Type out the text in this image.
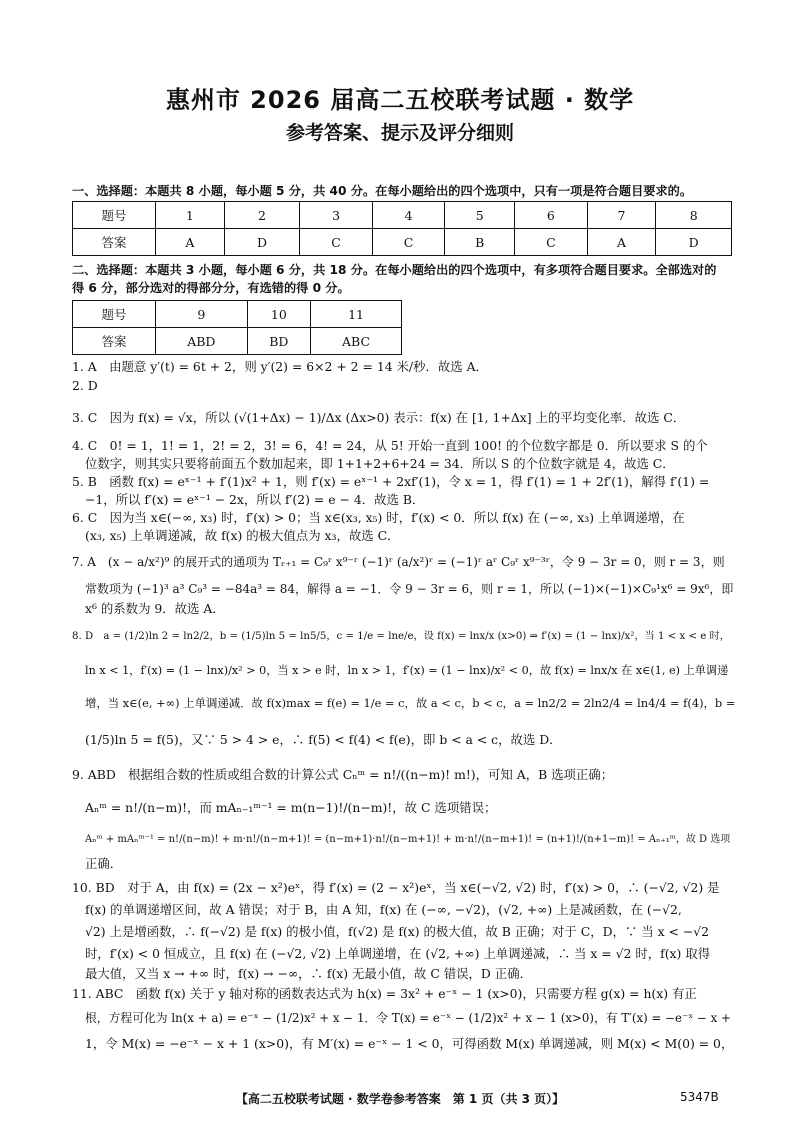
惠州市 2026 届高二五校联考试题 · 数学
参考答案、提示及评分细则
一、选择题：本题共 8 小题，每小题 5 分，共 40 分。在每小题给出的四个选项中，只有一项是符合题目要求的。
题号	1	2	3	4	5	6	7	8
答案	A	D	C	C	B	C	A	D
二、选择题：本题共 3 小题，每小题 6 分，共 18 分。在每小题给出的四个选项中，有多项符合题目要求。全部选对的
得 6 分，部分选对的得部分分，有选错的得 0 分。
题号	9	10	11
答案	ABD	BD	ABC
1. A　由题意 y′(t) = 6t + 2，则 y′(2) = 6×2 + 2 = 14 米/秒．故选 A．
2. D
3. C　因为 f(x) = √x，所以 (√(1+Δx) − 1)/Δx (Δx>0) 表示：f(x) 在 [1, 1+Δx] 上的平均变化率．故选 C．
4. C　0! = 1，1! = 1，2! = 2，3! = 6，4! = 24，从 5! 开始一直到 100! 的个位数字都是 0．所以要求 S 的个
位数字，则其实只要将前面五个数加起来，即 1+1+2+6+24 = 34．所以 S 的个位数字就是 4，故选 C．
5. B　函数 f(x) = eˣ⁻¹ + f′(1)x² + 1，则 f′(x) = eˣ⁻¹ + 2xf′(1)，令 x = 1，得 f′(1) = 1 + 2f′(1)，解得 f′(1) =
−1，所以 f′(x) = eˣ⁻¹ − 2x，所以 f′(2) = e − 4．故选 B．
6. C　因为当 x∈(−∞, x₃) 时，f′(x) > 0；当 x∈(x₃, x₅) 时，f′(x) < 0．所以 f(x) 在 (−∞, x₃) 上单调递增，在
(x₃, x₅) 上单调递减，故 f(x) 的极大值点为 x₃，故选 C．
7. A　(x − a/x²)⁹ 的展开式的通项为 Tᵣ₊₁ = C₉ʳ x⁹⁻ʳ (−1)ʳ (a/x²)ʳ = (−1)ʳ aʳ C₉ʳ x⁹⁻³ʳ，令 9 − 3r = 0，则 r = 3，则
常数项为 (−1)³ a³ C₉³ = −84a³ = 84，解得 a = −1．令 9 − 3r = 6，则 r = 1，所以 (−1)×(−1)×C₉¹x⁶ = 9x⁶，即
x⁶ 的系数为 9．故选 A．
8. D　a = (1/2)ln 2 = ln2/2，b = (1/5)ln 5 = ln5/5，c = 1/e = lne/e，设 f(x) = lnx/x (x>0) ⇒ f′(x) = (1 − lnx)/x²，当 1 < x < e 时，
ln x < 1，f′(x) = (1 − lnx)/x² > 0，当 x > e 时，ln x > 1，f′(x) = (1 − lnx)/x² < 0，故 f(x) = lnx/x 在 x∈(1, e) 上单调递
增，当 x∈(e, +∞) 上单调递减．故 f(x)max = f(e) = 1/e = c，故 a < c，b < c，a = ln2/2 = 2ln2/4 = ln4/4 = f(4)，b =
(1/5)ln 5 = f(5)，又∵ 5 > 4 > e，∴ f(5) < f(4) < f(e)，即 b < a < c，故选 D．
9. ABD　根据组合数的性质或组合数的计算公式 Cₙᵐ = n!/((n−m)! m!)，可知 A，B 选项正确；
Aₙᵐ = n!/(n−m)!，而 mAₙ₋₁ᵐ⁻¹ = m(n−1)!/(n−m)!，故 C 选项错误；
Aₙᵐ + mAₙᵐ⁻¹ = n!/(n−m)! + m·n!/(n−m+1)! = (n−m+1)·n!/(n−m+1)! + m·n!/(n−m+1)! = (n+1)!/(n+1−m)! = Aₙ₊₁ᵐ，故 D 选项
正确．
10. BD　对于 A，由 f(x) = (2x − x²)eˣ，得 f′(x) = (2 − x²)eˣ，当 x∈(−√2, √2) 时，f′(x) > 0，∴ (−√2, √2) 是
f(x) 的单调递增区间，故 A 错误；对于 B，由 A 知，f(x) 在 (−∞, −√2)，(√2, +∞) 上是减函数，在 (−√2,
√2) 上是增函数，∴ f(−√2) 是 f(x) 的极小值，f(√2) 是 f(x) 的极大值，故 B 正确；对于 C，D，∵ 当 x < −√2
时，f′(x) < 0 恒成立，且 f(x) 在 (−√2, √2) 上单调递增，在 (√2, +∞) 上单调递减，∴ 当 x = √2 时，f(x) 取得
最大值，又当 x → +∞ 时，f(x) → −∞，∴ f(x) 无最小值，故 C 错误，D 正确．
11. ABC　函数 f(x) 关于 y 轴对称的函数表达式为 h(x) = 3x² + e⁻ˣ − 1 (x>0)，只需要方程 g(x) = h(x) 有正
根，方程可化为 ln(x + a) = e⁻ˣ − (1/2)x² + x − 1．令 T(x) = e⁻ˣ − (1/2)x² + x − 1 (x>0)，有 T′(x) = −e⁻ˣ − x +
1，令 M(x) = −e⁻ˣ − x + 1 (x>0)，有 M′(x) = e⁻ˣ − 1 < 0，可得函数 M(x) 单调递减，则 M(x) < M(0) = 0，
【高二五校联考试题 · 数学卷参考答案　第 1 页（共 3 页）】	5347B
